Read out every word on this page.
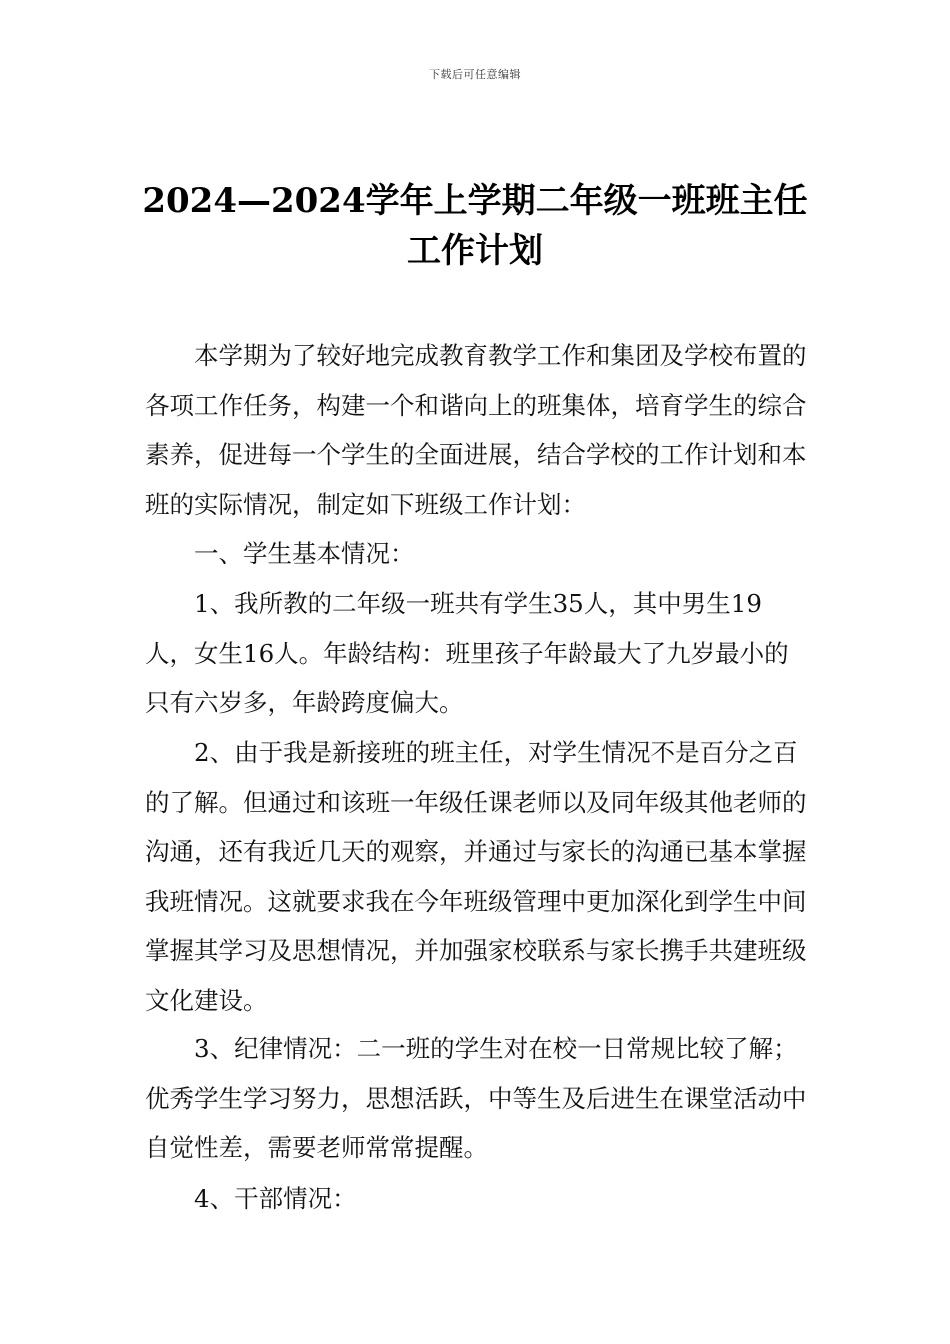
下载后可任意编辑
2024—2024学年上学期二年级一班班主任
工作计划

本学期为了较好地完成教育教学工作和集团及学校布置的各项工作任务，构建一个和谐向上的班集体，培育学生的综合素养，促进每一个学生的全面进展，结合学校的工作计划和本班的实际情况，制定如下班级工作计划：

一、学生基本情况：

1、我所教的二年级一班共有学生35人，其中男生19人，女生16人。年龄结构：班里孩子年龄最大了九岁最小的只有六岁多，年龄跨度偏大。

2、由于我是新接班的班主任，对学生情况不是百分之百的了解。但通过和该班一年级任课老师以及同年级其他老师的沟通，还有我近几天的观察，并通过与家长的沟通已基本掌握我班情况。这就要求我在今年班级管理中更加深化到学生中间掌握其学习及思想情况，并加强家校联系与家长携手共建班级文化建设。

3、纪律情况：二一班的学生对在校一日常规比较了解；优秀学生学习努力，思想活跃，中等生及后进生在课堂活动中自觉性差，需要老师常常提醒。

4、干部情况：
